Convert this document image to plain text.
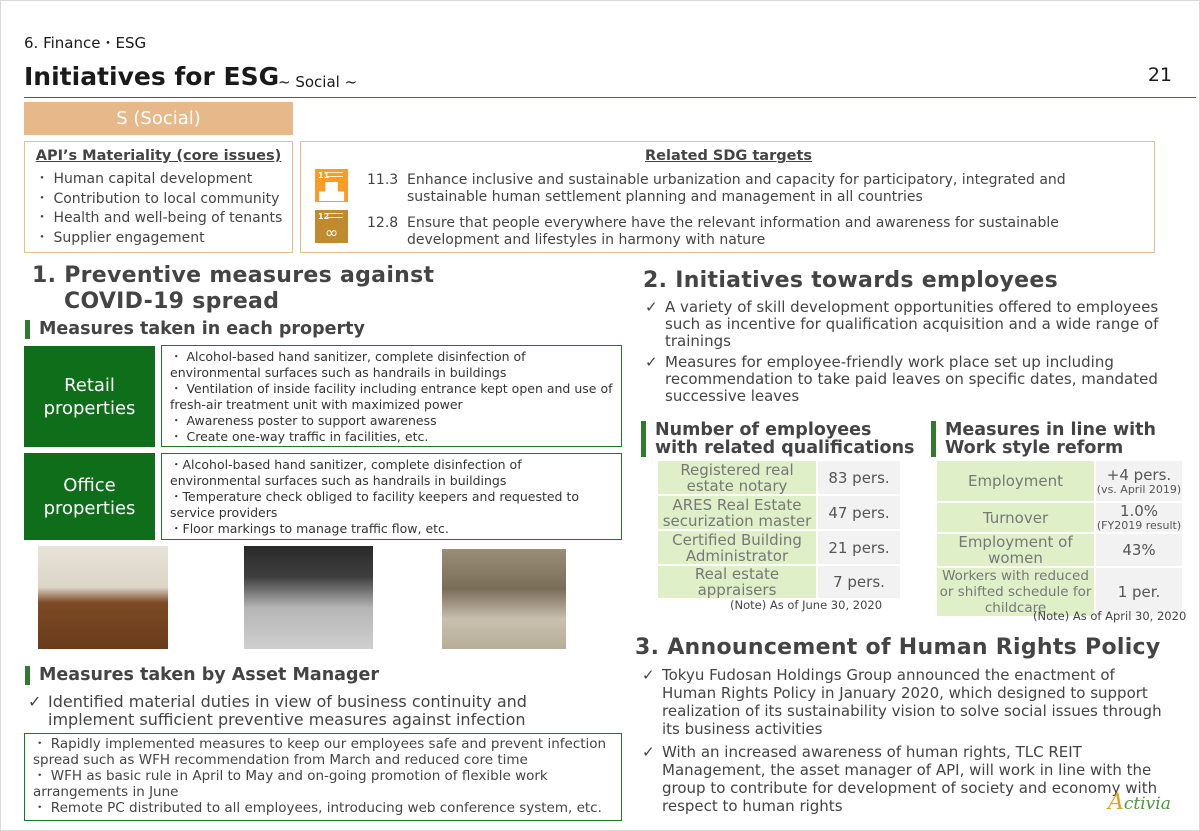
6. Finance・ESG
Initiatives for ESG
~ Social ~	21
S (Social)
API’s Materiality (core issues)
・ Human capital development
・ Contribution to local community
・ Health and well-being of tenants
・ Supplier engagement
Related SDG targets
11
▟▙
11.3 Enhance inclusive and sustainable urbanization and capacity for participatory, integrated and sustainable human settlement planning and management in all countries
12
∞	12.8 Ensure that people everywhere have the relevant information and awareness for sustainable development and lifestyles in harmony with nature
1. Preventive measures against
COVID-19 spread
Measures taken in each property
Retail properties
・ Alcohol-based hand sanitizer, complete disinfection of environmental surfaces such as handrails in buildings
・ Ventilation of inside facility including entrance kept open and use of fresh-air treatment unit with maximized power
・ Awareness poster to support awareness
・ Create one-way traffic in facilities, etc.
Office properties
・Alcohol-based hand sanitizer, complete disinfection of environmental surfaces such as handrails in buildings
・Temperature check obliged to facility keepers and requested to service providers
・Floor markings to manage traffic flow, etc.
Measures taken by Asset Manager
✓ Identified material duties in view of business continuity and implement sufficient preventive measures against infection
・ Rapidly implemented measures to keep our employees safe and prevent infection spread such as WFH recommendation from March and reduced core time
・ WFH as basic rule in April to May and on-going promotion of flexible work arrangements in June
・ Remote PC distributed to all employees, introducing web conference system, etc.
2. Initiatives towards employees
✓ A variety of skill development opportunities offered to employees such as incentive for qualification acquisition and a wide range of trainings
✓ Measures for employee-friendly work place set up including recommendation to take paid leaves on specific dates, mandated successive leaves
Number of employees
with related qualifications
Registered real estate notary	83 pers.
ARES Real Estate securization master	47 pers.
Certified Building Administrator	21 pers.
Real estate appraisers	7 pers.
(Note) As of June 30, 2020
Measures in line with
Work style reform
Employment	+4 pers.
(vs. April 2019)

Turnover	1.0%
(FY2019 result)

Employment of women	43%
Workers with reduced or shifted schedule for childcare	1 per.
(Note) As of April 30, 2020
3. Announcement of Human Rights Policy
✓ Tokyu Fudosan Holdings Group announced the enactment of Human Rights Policy in January 2020, which designed to support realization of its sustainability vision to solve social issues through its business activities
✓ With an increased awareness of human rights, TLC REIT Management, the asset manager of API, will work in line with the group to contribute for development of society and economy with respect to human rights	Activia
